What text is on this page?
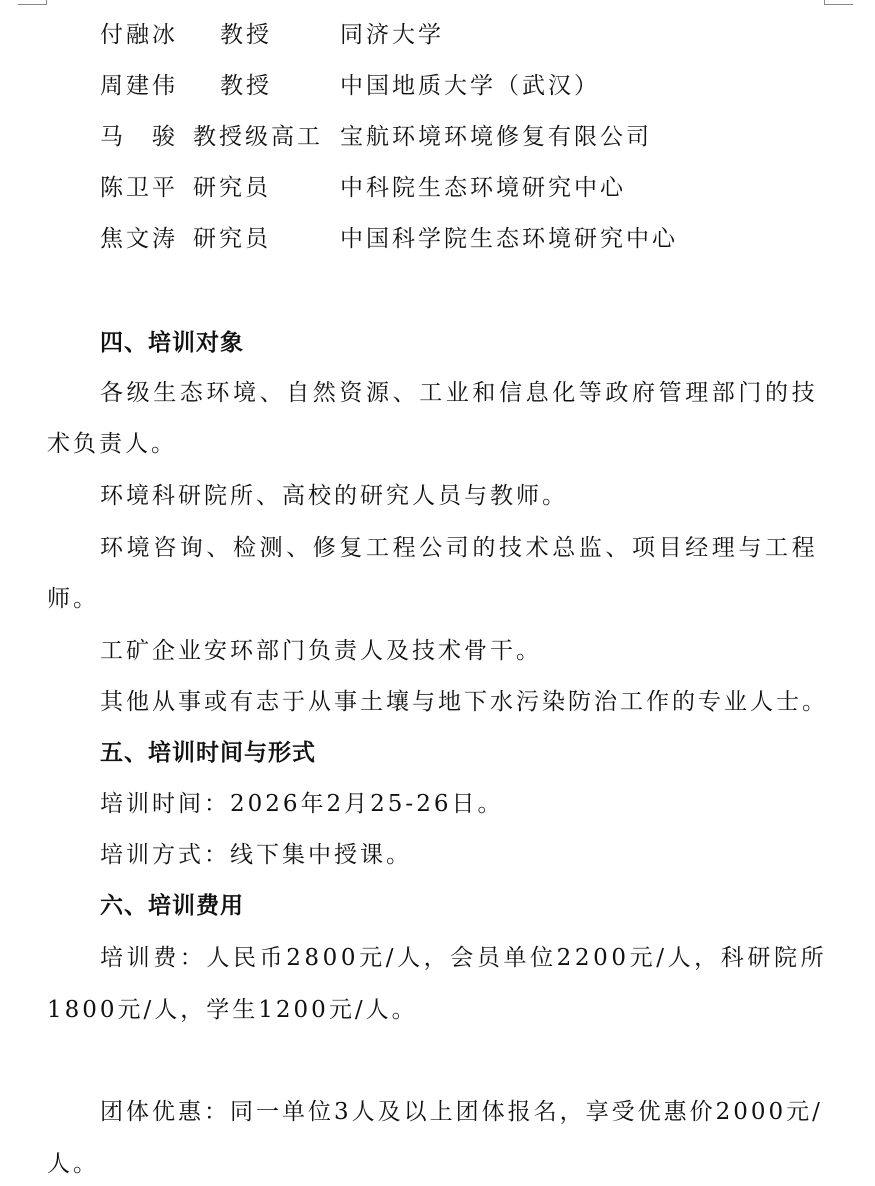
付融冰 教授	同济大学
周建伟 教授	中国地质大学（武汉）
马　骏 教授级高工 宝航环境环境修复有限公司
陈卫平 研究员	中科院生态环境研究中心
焦文涛 研究员	中国科学院生态环境研究中心
四、培训对象
各级生态环境、自然资源、工业和信息化等政府管理部门的技
术负责人。
环境科研院所、高校的研究人员与教师。
环境咨询、检测、修复工程公司的技术总监、项目经理与工程
师。
工矿企业安环部门负责人及技术骨干。
其他从事或有志于从事土壤与地下水污染防治工作的专业人士。
五、培训时间与形式
培训时间：2026年2月25-26日。
培训方式：线下集中授课。
六、培训费用
培训费：人民币2800元/人，会员单位2200元/人，科研院所
1800元/人，学生1200元/人。
团体优惠：同一单位3人及以上团体报名，享受优惠价2000元/
人。
